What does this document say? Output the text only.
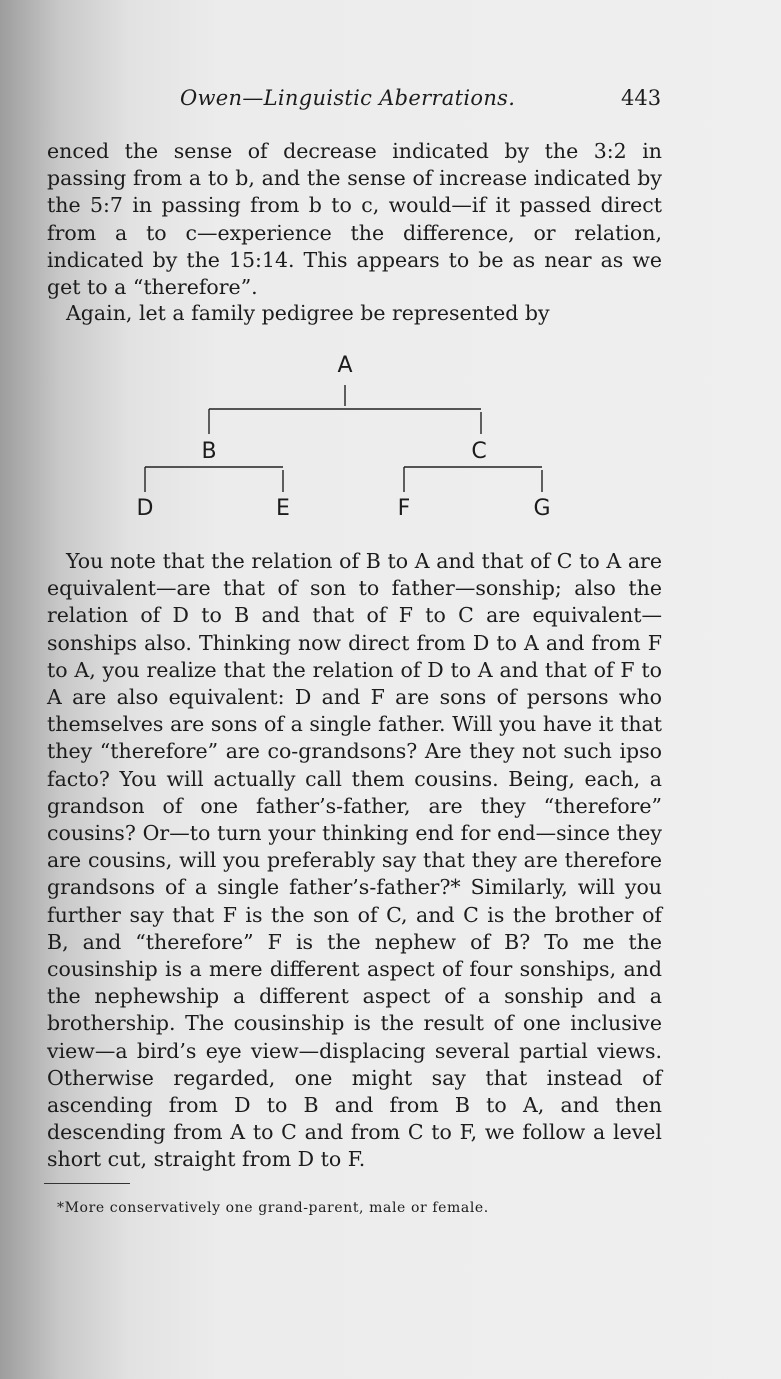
Owen—Linguistic Aberrations.	443

enced the sense of decrease indicated by the 3:2 in passing from a to b, and the sense of increase indicated by the 5:7 in passing from b to c, would—if it passed direct from a to c—experience the difference, or relation, indicated by the 15:14. This appears to be as near as we get to a “therefore”.

Again, let a family pedigree be represented by

A
B	C
D	E	F	G

You note that the relation of B to A and that of C to A are equivalent—are that of son to father—sonship; also the relation of D to B and that of F to C are equivalent—sonships also. Thinking now direct from D to A and from F to A, you realize that the relation of D to A and that of F to A are also equivalent: D and F are sons of persons who themselves are sons of a single father. Will you have it that they “therefore” are co-grandsons? Are they not such ipso facto? You will actually call them cousins. Being, each, a grandson of one father’s-father, are they “therefore” cousins? Or—to turn your thinking end for end—since they are cousins, will you preferably say that they are therefore grandsons of a single father’s-father?* Similarly, will you further say that F is the son of C, and C is the brother of B, and “therefore” F is the nephew of B? To me the cousinship is a mere different aspect of four sonships, and the nephewship a different aspect of a sonship and a brothership. The cousinship is the result of one inclusive view—a bird’s eye view—displacing several partial views. Otherwise regarded, one might say that instead of ascending from D to B and from B to A, and then descending from A to C and from C to F, we follow a level short cut, straight from D to F.

*More conservatively one grand-parent, male or female.
